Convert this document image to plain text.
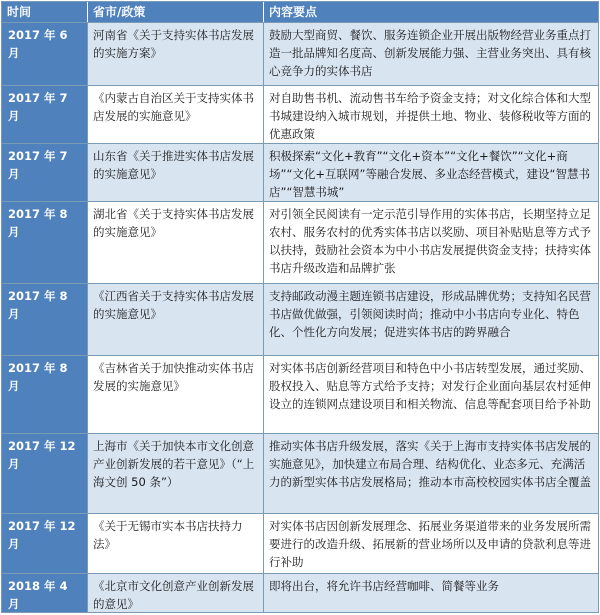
时间	省市/政策	内容要点
2017 年 6 月
河南省《关于支持实体书店发展的实施方案》
鼓励大型商贸、餐饮、服务连锁企业开展出版物经营业务重点打造一批品牌知名度高、创新发展能力强、主营业务突出、具有核心竞争力的实体书店
2017 年 7 月
《内蒙古自治区关于支持实体书店发展的实施意见》
对自助售书机、流动售书车给予资金支持；对文化综合体和大型书城建设纳入城市规划，并提供土地、物业、装修税收等方面的优惠政策
2017 年 7 月
山东省《关于推进实体书店发展的实施意见》
积极探索“文化+教育”“文化+资本”“文化+餐饮”“文化+商场”“文化+互联网”等融合发展、多业态经营模式，建设“智慧书店”“智慧书城”
2017 年 8 月
湖北省《关于支持实体书店发展的实施意见》
对引领全民阅读有一定示范引导作用的实体书店，长期坚持立足农村、服务农村的优秀实体书店以奖励、项目补贴贴息等方式予以扶持，鼓励社会资本为中小书店发展提供资金支持；扶持实体书店升级改造和品牌扩张
2017 年 8 月
《江西省关于支持实体书店发展的实施意见》
支持邮政动漫主题连锁书店建设，形成品牌优势；支持知名民营书店做优做强，引领阅读时尚；推动中小书店向专业化、特色化、个性化方向发展；促进实体书店的跨界融合
2017 年 8 月
《吉林省关于加快推动实体书店发展的实施意见》
对实体书店创新经营项目和特色中小书店转型发展，通过奖励、股权投入、贴息等方式给予支持；对发行企业面向基层农村延伸设立的连锁网点建设项目和相关物流、信息等配套项目给予补助
2017 年 12 月
上海市《关于加快本市文化创意产业创新发展的若干意见》（“上海文创 50 条”）
推动实体书店升级发展，落实《关于上海市支持实体书店发展的实施意见》，加快建立布局合理、结构优化、业态多元、充满活力的新型实体书店发展格局；推动本市高校校园实体书店全覆盖
2017 年 12 月
《关于无锡市实本书店扶持力法》
对实体书店因创新发展理念、拓展业务渠道带来的业务发展所需要进行的改造升级、拓展新的营业场所以及申请的贷款利息等进行补助
2018 年 4 月
《北京市文化创意产业创新发展的意见》
即将出台，将允许书店经营咖啡、简餐等业务
